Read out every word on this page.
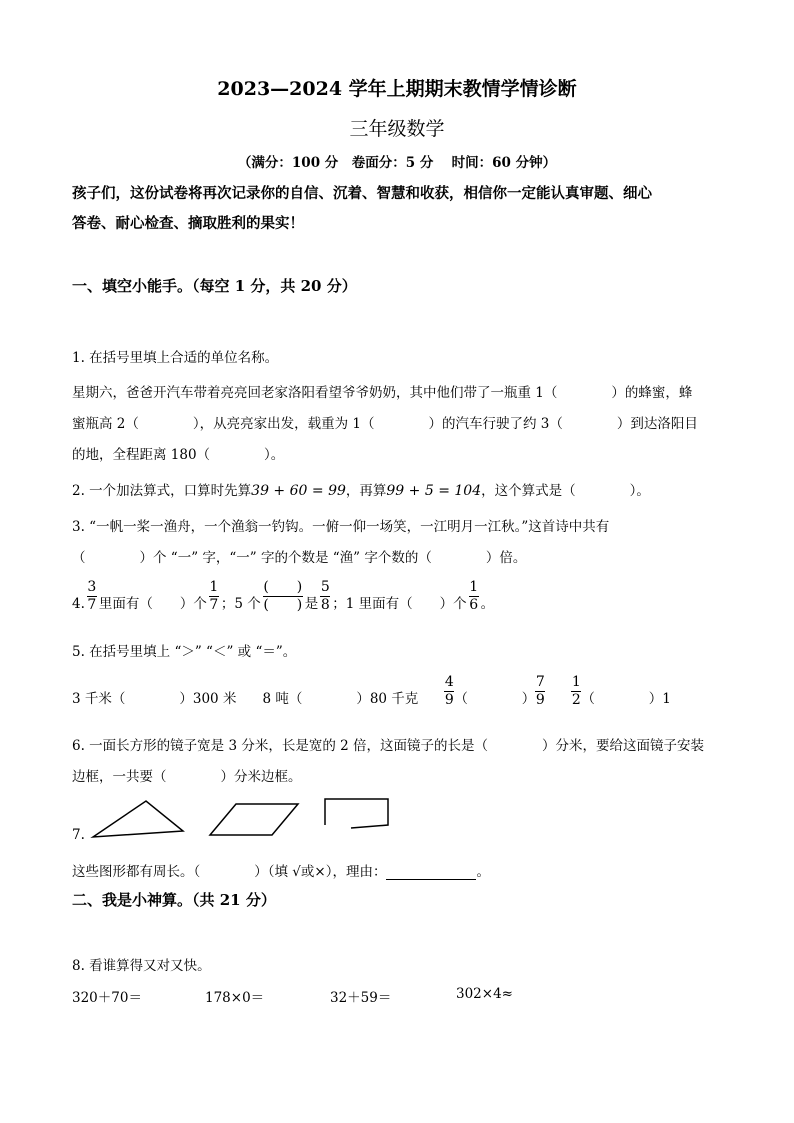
2023—2024 学年上期期末教情学情诊断
三年级数学
（满分：100 分　卷面分：5 分　 时间：60 分钟）
孩子们，这份试卷将再次记录你的自信、沉着、智慧和收获，相信你一定能认真审题、细心
答卷、耐心检查、摘取胜利的果实！
一、填空小能手。（每空 1 分，共 20 分）
1. 在括号里填上合适的单位名称。
星期六，爸爸开汽车带着亮亮回老家洛阳看望爷爷奶奶，其中他们带了一瓶重 1（　　　　）的蜂蜜，蜂
蜜瓶高 2（　　　　），从亮亮家出发，载重为 1（　　　　）的汽车行驶了约 3（　　　　）到达洛阳目
的地，全程距离 180（　　　　）。
2. 一个加法算式，口算时先算39 + 60 = 99，再算99 + 5 = 104，这个算式是（　　　　）。
3. “一帆一桨一渔舟，一个渔翁一钓钩。一俯一仰一场笑，一江明月一江秋。”这首诗中共有
（　　　　）个 “一” 字，“一” 字的个数是 “渔” 字个数的（　　　　）倍。
4. $\frac{3}{7}$ 里面有（　　）个 $\frac{1}{7}$ ；5 个 $\frac{( )}{( )}$ 是 $\frac{5}{8}$ ；1 里面有（　　）个 $\frac{1}{6}$ 。
5. 在括号里填上 “＞” “＜” 或 “＝”。
3 千米（　　　　）300 米 8 吨（　　　　）80 千克 $\frac{4}{9}$ （　　　　） $\frac{7}{9} \frac{1}{2}$ （　　　　）1
6. 一面长方形的镜子宽是 3 分米，长是宽的 2 倍，这面镜子的长是（　　　　）分米，要给这面镜子安装
边框，一共要（　　　　）分米边框。
7.
这些图形都有周长。（　　　　）（填 √或×），理由：	。
二、我是小神算。（共 21 分）
8. 看谁算得又对又快。
320＋70＝	178×0＝	32＋59＝	302×4≈
